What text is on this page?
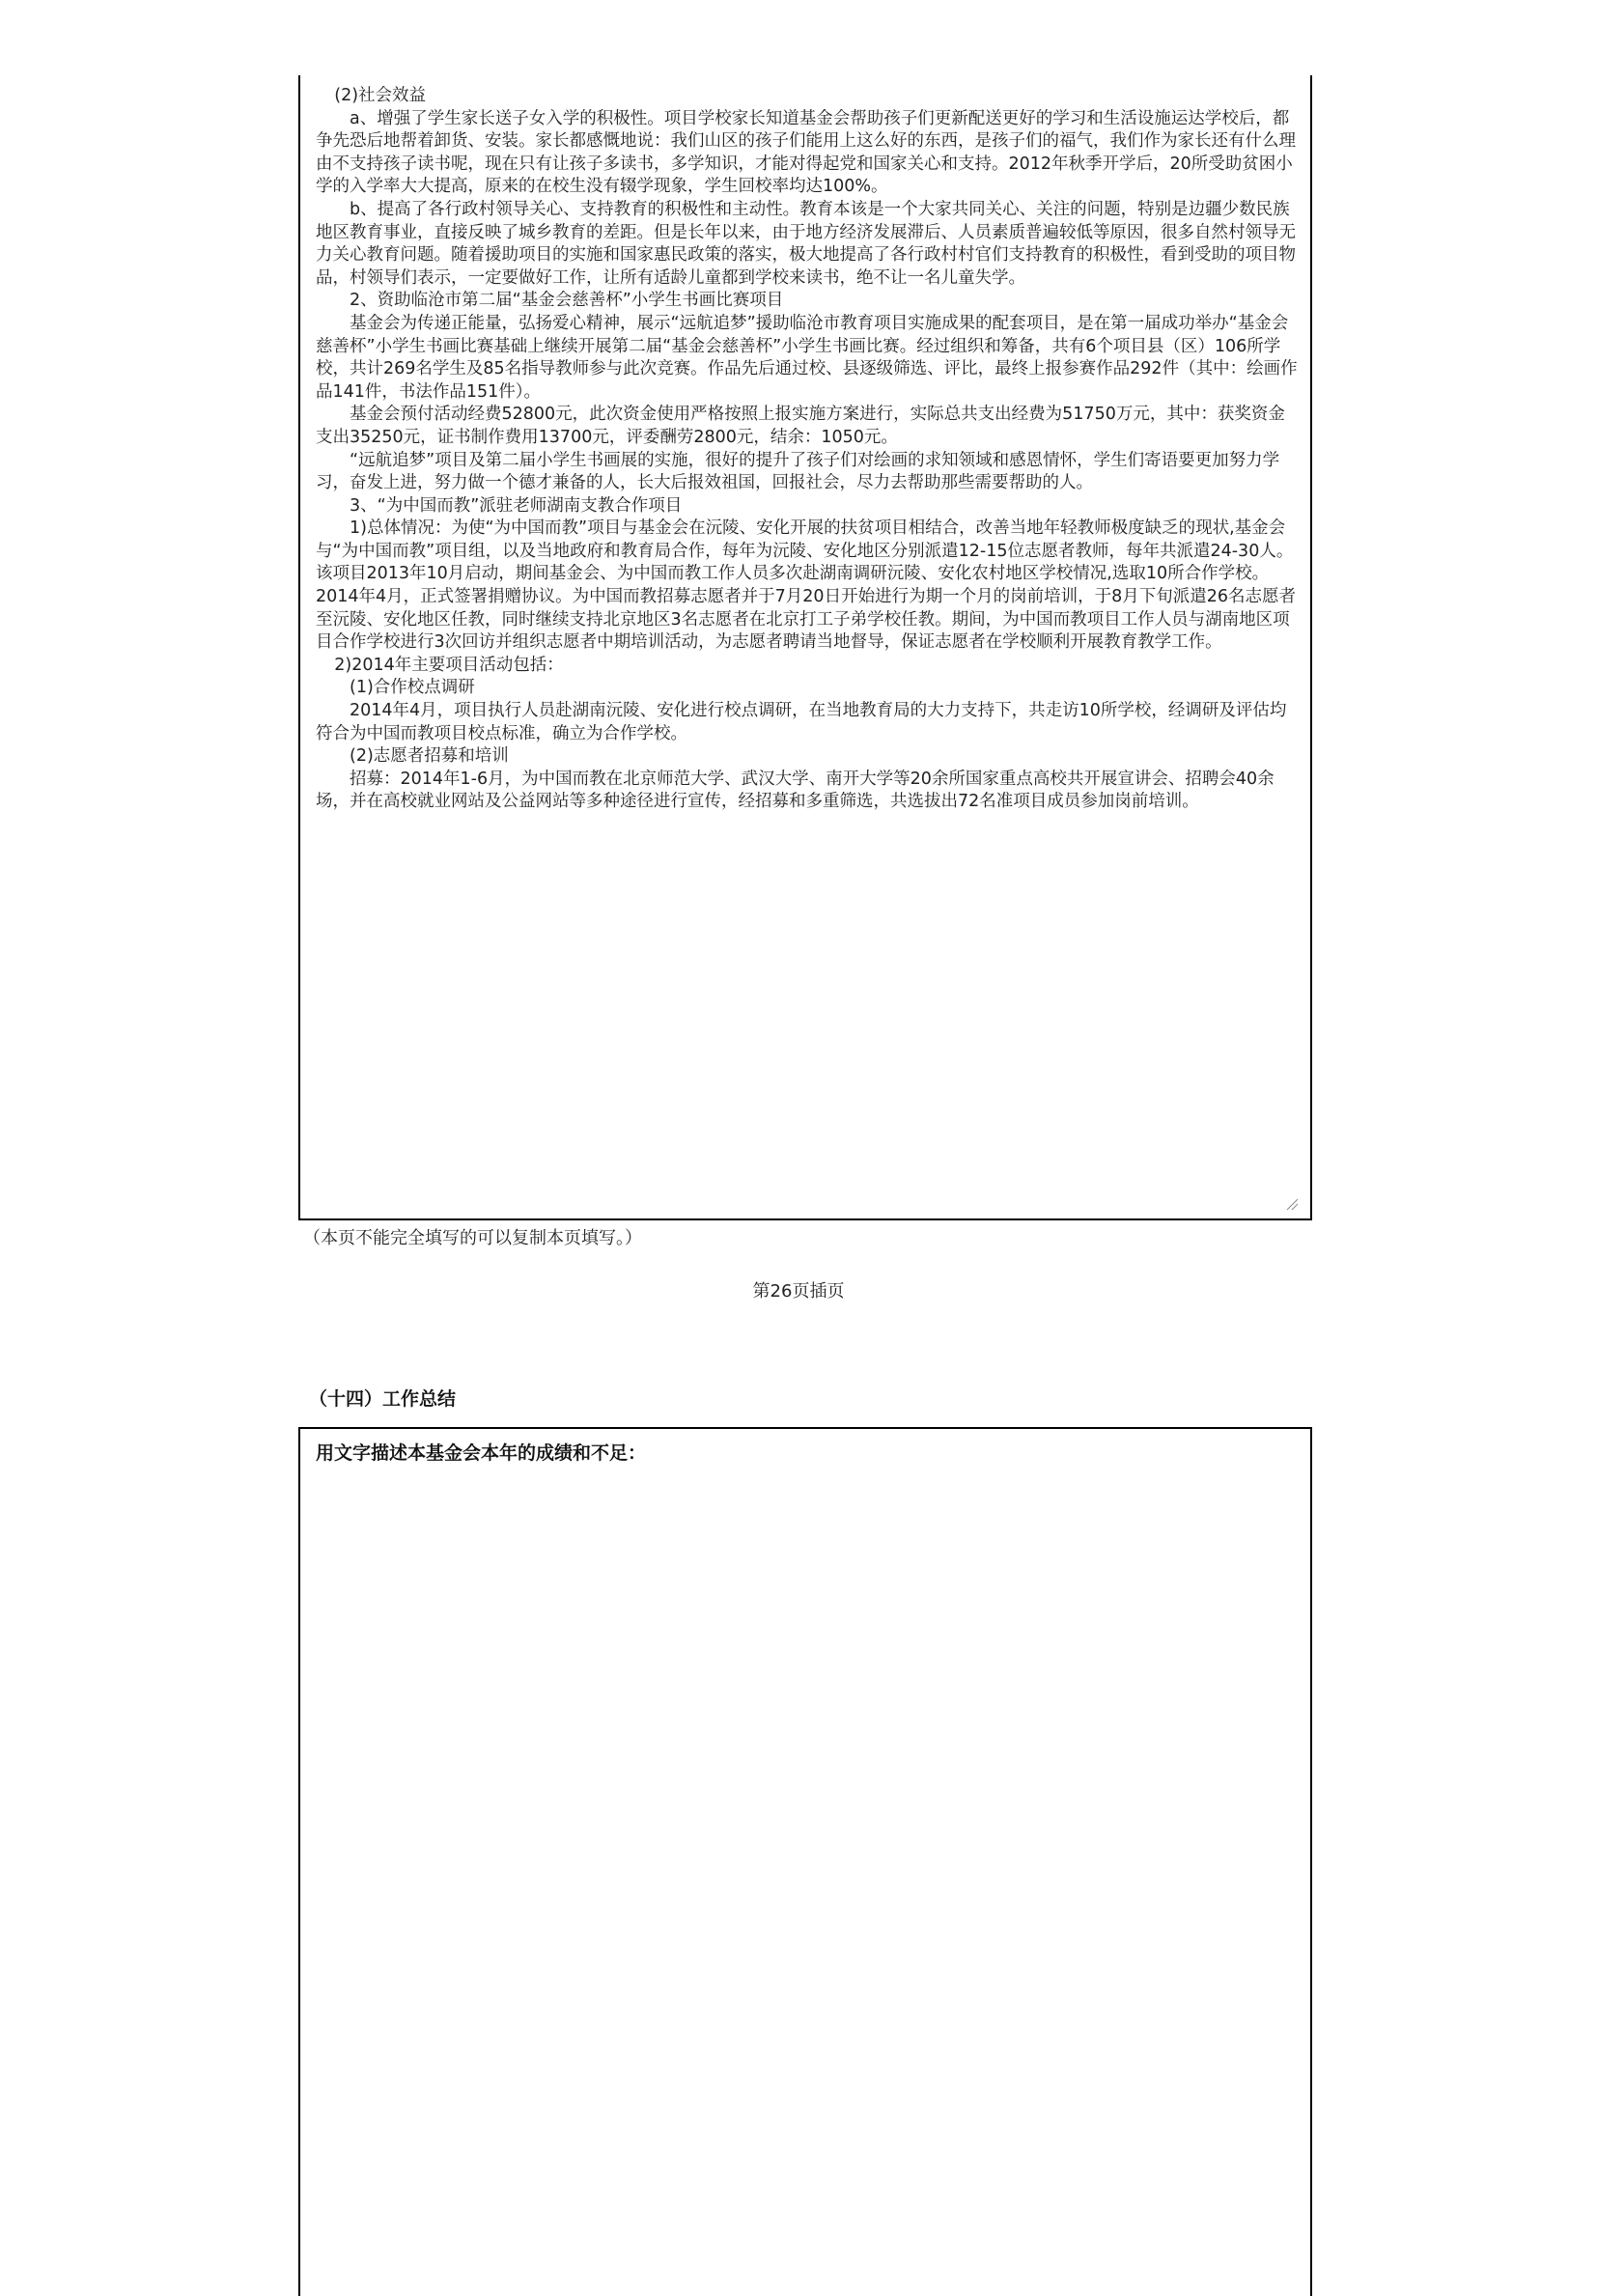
(2)社会效益

a、增强了学生家长送子女入学的积极性。项目学校家长知道基金会帮助孩子们更新配送更好的学习和生活设施运达学校后，都争先恐后地帮着卸货、安装。家长都感慨地说：我们山区的孩子们能用上这么好的东西，是孩子们的福气，我们作为家长还有什么理由不支持孩子读书呢，现在只有让孩子多读书，多学知识，才能对得起党和国家关心和支持。2012年秋季开学后，20所受助贫困小学的入学率大大提高，原来的在校生没有辍学现象，学生回校率均达100%。

b、提高了各行政村领导关心、支持教育的积极性和主动性。教育本该是一个大家共同关心、关注的问题，特别是边疆少数民族地区教育事业，直接反映了城乡教育的差距。但是长年以来，由于地方经济发展滞后、人员素质普遍较低等原因，很多自然村领导无力关心教育问题。随着援助项目的实施和国家惠民政策的落实，极大地提高了各行政村村官们支持教育的积极性，看到受助的项目物品，村领导们表示，一定要做好工作，让所有适龄儿童都到学校来读书，绝不让一名儿童失学。

2、资助临沧市第二届“基金会慈善杯”小学生书画比赛项目

基金会为传递正能量，弘扬爱心精神，展示“远航追梦”援助临沧市教育项目实施成果的配套项目，是在第一届成功举办“基金会慈善杯”小学生书画比赛基础上继续开展第二届“基金会慈善杯”小学生书画比赛。经过组织和筹备，共有6个项目县（区）106所学校，共计269名学生及85名指导教师参与此次竞赛。作品先后通过校、县逐级筛选、评比，最终上报参赛作品292件（其中：绘画作品141件，书法作品151件）。

基金会预付活动经费52800元，此次资金使用严格按照上报实施方案进行，实际总共支出经费为51750万元，其中：获奖资金支出35250元，证书制作费用13700元，评委酬劳2800元，结余：1050元。

“远航追梦”项目及第二届小学生书画展的实施，很好的提升了孩子们对绘画的求知领域和感恩情怀，学生们寄语要更加努力学习，奋发上进，努力做一个德才兼备的人，长大后报效祖国，回报社会，尽力去帮助那些需要帮助的人。

3、“为中国而教”派驻老师湖南支教合作项目

1)总体情况：为使“为中国而教”项目与基金会在沅陵、安化开展的扶贫项目相结合，改善当地年轻教师极度缺乏的现状,基金会与“为中国而教”项目组，以及当地政府和教育局合作，每年为沅陵、安化地区分别派遣12-15位志愿者教师，每年共派遣24-30人。该项目2013年10月启动，期间基金会、为中国而教工作人员多次赴湖南调研沅陵、安化农村地区学校情况,选取10所合作学校。2014年4月，正式签署捐赠协议。为中国而教招募志愿者并于7月20日开始进行为期一个月的岗前培训，于8月下旬派遣26名志愿者至沅陵、安化地区任教，同时继续支持北京地区3名志愿者在北京打工子弟学校任教。期间，为中国而教项目工作人员与湖南地区项目合作学校进行3次回访并组织志愿者中期培训活动，为志愿者聘请当地督导，保证志愿者在学校顺利开展教育教学工作。

2)2014年主要项目活动包括：

(1)合作校点调研

2014年4月，项目执行人员赴湖南沅陵、安化进行校点调研，在当地教育局的大力支持下，共走访10所学校，经调研及评估均符合为中国而教项目校点标准，确立为合作学校。

(2)志愿者招募和培训

招募：2014年1-6月，为中国而教在北京师范大学、武汉大学、南开大学等20余所国家重点高校共开展宣讲会、招聘会40余场，并在高校就业网站及公益网站等多种途径进行宣传，经招募和多重筛选，共选拔出72名准项目成员参加岗前培训。

（本页不能完全填写的可以复制本页填写。）
第26页插页
（十四）工作总结
用文字描述本基金会本年的成绩和不足：
